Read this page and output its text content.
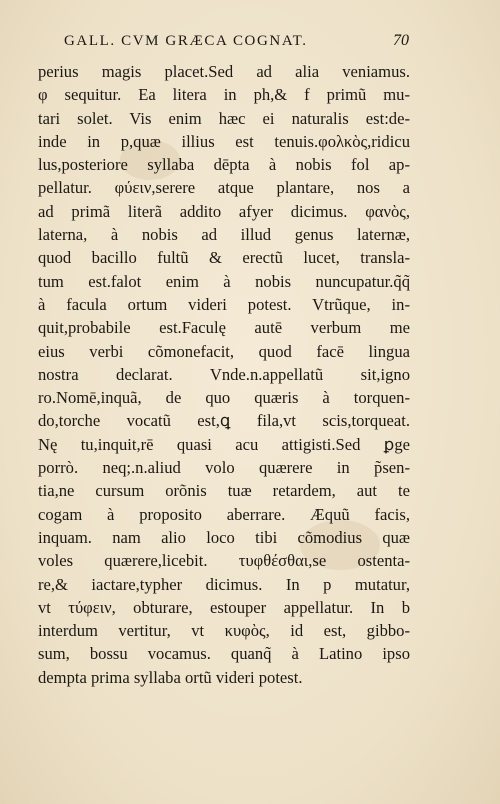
GALL. CVM GRÆCA COGNAT.	70
perius magis placet.Sed ad alia veniamus.
φ sequitur. Ea litera in ph,& f primũ mu-
tari solet. Vis enim hæc ei naturalis est:de-
inde in p,quæ illius est tenuis.φολκὸς,ridicu
lus,posteriore syllaba dēpta à nobis fol ap-
pellatur. φύειν,serere atque plantare, nos a
ad primã literã addito afyer dicimus. φανὸς,
laterna, à nobis ad illud genus laternæ,
quod bacillo fultũ & erectũ lucet, transla-
tum est.falot enim à nobis nuncupatur.q̃q̃
à facula ortum videri potest. Vtrũque, in-
quit,probabile est.Faculę autē verbum me
eius verbi cõmonefacit, quod facē lingua
nostra declarat. Vnde.n.appellatũ sit,igno
ro.Nomē,inquã, de quo quæris à torquen-
do,torche vocatũ est,ꝗ fila,vt scis,torqueat.
Nę tu,inquit,rē quasi acu attigisti.Sed ꝑge
porrò. neq;.n.aliud volo quærere in p̃sen-
tia,ne cursum orõnis tuæ retardem, aut te
cogam à proposito aberrare. Æquũ facis,
inquam. nam alio loco tibi cõmodius quæ
voles quærere,licebit. τυφθέσθαι,se ostenta-
re,& iactare,typher dicimus. In p mutatur,
vt τύφειν, obturare, estouper appellatur. In b
interdum vertitur, vt κυφὸς, id est, gibbo-
sum, bossu vocamus. quanq̃ à Latino ipso
dempta prima syllaba ortũ videri potest.
